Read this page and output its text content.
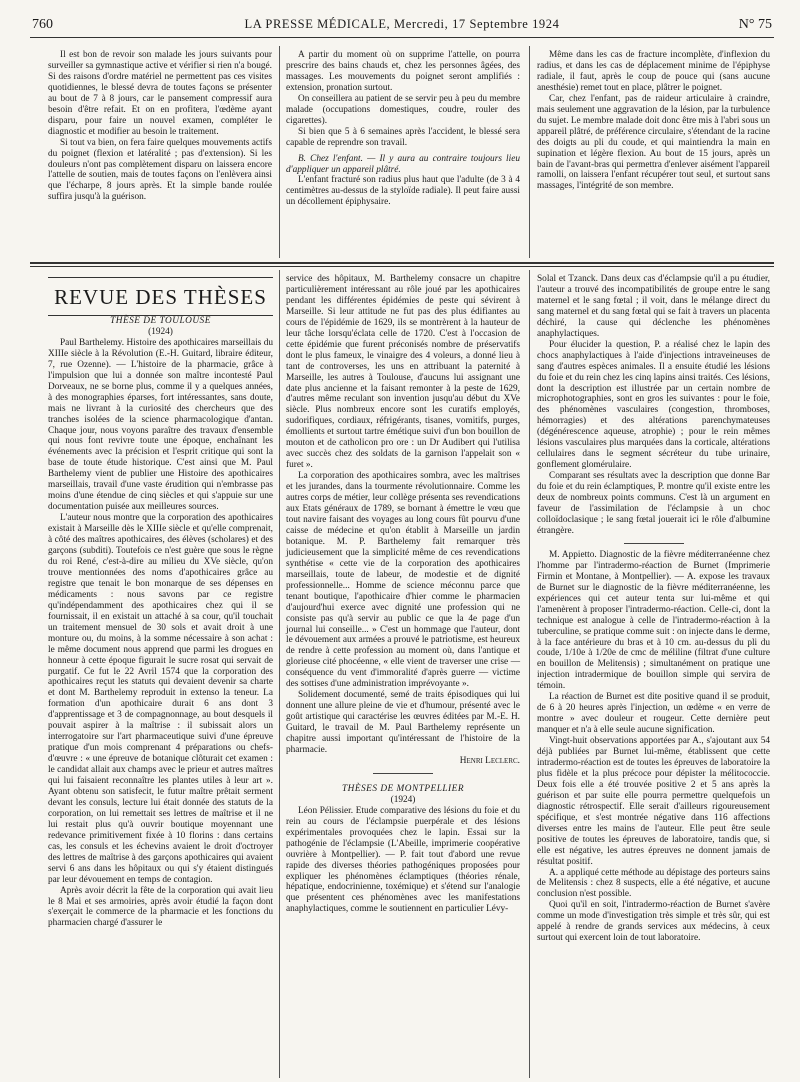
760	LA PRESSE MÉDICALE, Mercredi, 17 Septembre 1924	N° 75

Il est bon de revoir son malade les jours suivants pour surveiller sa gymnastique active et vérifier si rien n'a bougé. Si des raisons d'ordre matériel ne permettent pas ces visites quotidiennes, le blessé devra de toutes façons se présenter au bout de 7 à 8 jours, car le pansement compressif aura besoin d'être refait. Et on en profitera, l'œdème ayant disparu, pour faire un nouvel examen, compléter le diagnostic et modifier au besoin le traitement.

Si tout va bien, on fera faire quelques mouvements actifs du poignet (flexion et latéralité ; pas d'extension). Si les douleurs n'ont pas complètement disparu on laissera encore l'attelle de soutien, mais de toutes façons on l'enlèvera ainsi que l'écharpe, 8 jours après. Et la simple bande roulée suffira jusqu'à la guérison.

A partir du moment où on supprime l'attelle, on pourra prescrire des bains chauds et, chez les personnes âgées, des massages. Les mouvements du poignet seront amplifiés : extension, pronation surtout.

On conseillera au patient de se servir peu à peu du membre malade (occupations domestiques, coudre, rouler des cigarettes).

Si bien que 5 à 6 semaines après l'accident, le blessé sera capable de reprendre son travail.

B. Chez l'enfant. — Il y aura au contraire toujours lieu d'appliquer un appareil plâtré.

L'enfant fracturé son radius plus haut que l'adulte (de 3 à 4 centimètres au-dessus de la styloïde radiale). Il peut faire aussi un décollement épiphysaire.

Même dans les cas de fracture incomplète, d'inflexion du radius, et dans les cas de déplacement minime de l'épiphyse radiale, il faut, après le coup de pouce qui (sans aucune anesthésie) remet tout en place, plâtrer le poignet.

Car, chez l'enfant, pas de raideur articulaire à craindre, mais seulement une aggravation de la lésion, par la turbulence du sujet. Le membre malade doit donc être mis à l'abri sous un appareil plâtré, de préférence circulaire, s'étendant de la racine des doigts au pli du coude, et qui maintiendra la main en supination et légère flexion. Au bout de 15 jours, après un bain de l'avant-bras qui permettra d'enlever aisément l'appareil ramolli, on laissera l'enfant récupérer tout seul, et surtout sans massages, l'intégrité de son membre.

REVUE DES THÈSES

THÈSE DE TOULOUSE

(1924)

Paul Barthelemy. Histoire des apothicaires marseillais du XIIIe siècle à la Révolution (E.-H. Guitard, libraire éditeur, 7, rue Ozenne). — L'histoire de la pharmacie, grâce à l'impulsion que lui a donnée son maître incontesté Paul Dorveaux, ne se borne plus, comme il y a quelques années, à des monographies éparses, fort intéressantes, sans doute, mais ne livrant à la curiosité des chercheurs que des tranches isolées de la science pharmacologique d'antan. Chaque jour, nous voyons paraître des travaux d'ensemble qui nous font revivre toute une époque, enchaînant les événements avec la précision et l'esprit critique qui sont la base de toute étude historique. C'est ainsi que M. Paul Barthelemy vient de publier une Histoire des apothicaires marseillais, travail d'une vaste érudition qui n'embrasse pas moins d'une étendue de cinq siècles et qui s'appuie sur une documentation puisée aux meilleures sources.

L'auteur nous montre que la corporation des apothicaires existait à Marseille dès le XIIIe siècle et qu'elle comprenait, à côté des maîtres apothicaires, des élèves (scholares) et des garçons (subditi). Toutefois ce n'est guère que sous le règne du roi René, c'est-à-dire au milieu du XVe siècle, qu'on trouve mentionnées des noms d'apothicaires grâce au registre que tenait le bon monarque de ses dépenses en médicaments : nous savons par ce registre qu'indépendamment des apothicaires chez qui il se fournissait, il en existait un attaché à sa cour, qu'il touchait un traitement mensuel de 30 sols et avait droit à une monture ou, du moins, à la somme nécessaire à son achat : le même document nous apprend que parmi les drogues en honneur à cette époque figurait le sucre rosat qui servait de purgatif. Ce fut le 22 Avril 1574 que la corporation des apothicaires reçut les statuts qui devaient devenir sa charte et dont M. Barthelemy reproduit in extenso la teneur. La formation d'un apothicaire durait 6 ans dont 3 d'apprentissage et 3 de compagnonnage, au bout desquels il pouvait aspirer à la maîtrise : il subissait alors un interrogatoire sur l'art pharmaceutique suivi d'une épreuve pratique d'un mois comprenant 4 préparations ou chefs-d'œuvre : « une épreuve de botanique clôturait cet examen : le candidat allait aux champs avec le prieur et autres maîtres qui lui faisaient reconnaître les plantes utiles à leur art ». Ayant obtenu son satisfecit, le futur maître prêtait serment devant les consuls, lecture lui était donnée des statuts de la corporation, on lui remettait ses lettres de maîtrise et il ne lui restait plus qu'à ouvrir boutique moyennant une redevance primitivement fixée à 10 florins : dans certains cas, les consuls et les échevins avaient le droit d'octroyer des lettres de maîtrise à des garçons apothicaires qui avaient servi 6 ans dans les hôpitaux ou qui s'y étaient distingués par leur dévouement en temps de contagion.

Après avoir décrit la fête de la corporation qui avait lieu le 8 Mai et ses armoiries, après avoir étudié la façon dont s'exerçait le commerce de la pharmacie et les fonctions du pharmacien chargé d'assurer le

service des hôpitaux, M. Barthelemy consacre un chapitre particulièrement intéressant au rôle joué par les apothicaires pendant les différentes épidémies de peste qui sévirent à Marseille. Si leur attitude ne fut pas des plus édifiantes au cours de l'épidémie de 1629, ils se montrèrent à la hauteur de leur tâche lorsqu'éclata celle de 1720. C'est à l'occasion de cette épidémie que furent préconisés nombre de préservatifs dont le plus fameux, le vinaigre des 4 voleurs, a donné lieu à tant de controverses, les uns en attribuant la paternité à Marseille, les autres à Toulouse, d'aucuns lui assignant une date plus ancienne et la faisant remonter à la peste de 1629, d'autres même reculant son invention jusqu'au début du XVe siècle. Plus nombreux encore sont les curatifs employés, sudorifiques, cordiaux, réfrigérants, tisanes, vomitifs, purges, émollients et surtout tartre émétique suivi d'un bon bouillon de mouton et de catholicon pro ore : un Dr Audibert qui l'utilisa avec succès chez des soldats de la garnison l'appelait son « furet ».

La corporation des apothicaires sombra, avec les maîtrises et les jurandes, dans la tourmente révolutionnaire. Comme les autres corps de métier, leur collège présenta ses revendications aux Etats généraux de 1789, se bornant à émettre le vœu que tout navire faisant des voyages au long cours fût pourvu d'une caisse de médecine et qu'on établit à Marseille un jardin botanique. M. P. Barthelemy fait remarquer très judicieusement que la simplicité même de ces revendications synthétise « cette vie de la corporation des apothicaires marseillais, toute de labeur, de modestie et de dignité professionnelle... Homme de science méconnu parce que tenant boutique, l'apothicaire d'hier comme le pharmacien d'aujourd'hui exerce avec dignité une profession qui ne consiste pas qu'à servir au public ce que la 4e page d'un journal lui conseille... » C'est un hommage que l'auteur, dont le dévouement aux armées a prouvé le patriotisme, est heureux de rendre à cette profession au moment où, dans l'antique et glorieuse cité phocéenne, « elle vient de traverser une crise — conséquence du vent d'immoralité d'après guerre — victime des sottises d'une administration imprévoyante ».

Solidement documenté, semé de traits épisodiques qui lui donnent une allure pleine de vie et d'humour, présenté avec le goût artistique qui caractérise les œuvres éditées par M.-E. H. Guitard, le travail de M. Paul Barthelemy représente un chapitre aussi important qu'intéressant de l'histoire de la pharmacie.

Henri Leclerc.

THÈSES DE MONTPELLIER

(1924)

Léon Pélissier. Etude comparative des lésions du foie et du rein au cours de l'éclampsie puerpérale et des lésions expérimentales provoquées chez le lapin. Essai sur la pathogénie de l'éclampsie (L'Abeille, imprimerie coopérative ouvrière à Montpellier). — P. fait tout d'abord une revue rapide des diverses théories pathogéniques proposées pour expliquer les phénomènes éclamptiques (théories rénale, hépatique, endocrinienne, toxémique) et s'étend sur l'analogie que présentent ces phénomènes avec les manifestations anaphylactiques, comme le soutiennent en particulier Lévy-

Solal et Tzanck. Dans deux cas d'éclampsie qu'il a pu étudier, l'auteur a trouvé des incompatibilités de groupe entre le sang maternel et le sang fœtal ; il voit, dans le mélange direct du sang maternel et du sang fœtal qui se fait à travers un placenta déchiré, la cause qui déclenche les phénomènes anaphylactiques.

Pour élucider la question, P. a réalisé chez le lapin des chocs anaphylactiques à l'aide d'injections intraveineuses de sang d'autres espèces animales. Il a ensuite étudié les lésions du foie et du rein chez les cinq lapins ainsi traités. Ces lésions, dont la description est illustrée par un certain nombre de microphotographies, sont en gros les suivantes : pour le foie, des phénomènes vasculaires (congestion, thromboses, hémorragies) et des altérations parenchymateuses (dégénérescence aqueuse, atrophie) ; pour le rein mêmes lésions vasculaires plus marquées dans la corticale, altérations cellulaires dans le segment sécréteur du tube urinaire, gonflement glomérulaire.

Comparant ses résultats avec la description que donne Bar du foie et du rein éclamptiques, P. montre qu'il existe entre les deux de nombreux points communs. C'est là un argument en faveur de l'assimilation de l'éclampsie à un choc colloïdoclasique ; le sang fœtal jouerait ici le rôle d'albumine étrangère.

M. Appietto. Diagnostic de la fièvre méditerranéenne chez l'homme par l'intradermo-réaction de Burnet (Imprimerie Firmin et Montane, à Montpellier). — A. expose les travaux de Burnet sur le diagnostic de la fièvre méditerranéenne, les expériences qui cet auteur tenta sur lui-même et qui l'amenèrent à proposer l'intradermo-réaction. Celle-ci, dont la technique est analogue à celle de l'intradermo-réaction à la tuberculine, se pratique comme suit : on injecte dans le derme, à la face antérieure du bras et à 10 cm. au-dessus du pli du coude, 1/10e à 1/20e de cmc de méliline (filtrat d'une culture en bouillon de Melitensis) ; simultanément on pratique une injection intradermique de bouillon simple qui servira de témoin.

La réaction de Burnet est dite positive quand il se produit, de 6 à 20 heures après l'injection, un œdème « en verre de montre » avec douleur et rougeur. Cette dernière peut manquer et n'a à elle seule aucune signification.

Vingt-huit observations apportées par A., s'ajoutant aux 54 déjà publiées par Burnet lui-même, établissent que cette intradermo-réaction est de toutes les épreuves de laboratoire la plus fidèle et la plus précoce pour dépister la mélitococcie. Deux fois elle a été trouvée positive 2 et 5 ans après la guérison et par suite elle pourra permettre quelquefois un diagnostic rétrospectif. Elle serait d'ailleurs rigoureusement spécifique, et s'est montrée négative dans 116 affections diverses entre les mains de l'auteur. Elle peut être seule positive de toutes les épreuves de laboratoire, tandis que, si elle est négative, les autres épreuves ne donnent jamais de résultat positif.

A. a appliqué cette méthode au dépistage des porteurs sains de Melitensis : chez 8 suspects, elle a été négative, et aucune conclusion n'est possible.

Quoi qu'il en soit, l'intradermo-réaction de Burnet s'avère comme un mode d'investigation très simple et très sûr, qui est appelé à rendre de grands services aux médecins, à ceux surtout qui exercent loin de tout laboratoire.
